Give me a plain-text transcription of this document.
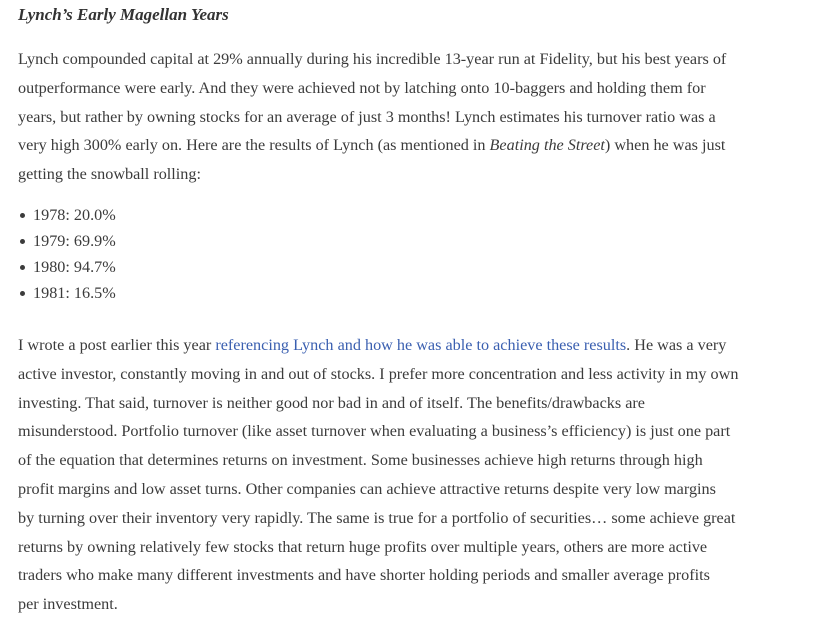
Lynch’s Early Magellan Years

Lynch compounded capital at 29% annually during his incredible 13-year run at Fidelity, but his best years of
outperformance were early. And they were achieved not by latching onto 10-baggers and holding them for
years, but rather by owning stocks for an average of just 3 months! Lynch estimates his turnover ratio was a
very high 300% early on. Here are the results of Lynch (as mentioned in Beating the Street) when he was just
getting the snowball rolling:

1978: 20.0%
1979: 69.9%
1980: 94.7%
1981: 16.5%

I wrote a post earlier this year referencing Lynch and how he was able to achieve these results. He was a very
active investor, constantly moving in and out of stocks. I prefer more concentration and less activity in my own
investing. That said, turnover is neither good nor bad in and of itself. The benefits/drawbacks are
misunderstood. Portfolio turnover (like asset turnover when evaluating a business’s efficiency) is just one part
of the equation that determines returns on investment. Some businesses achieve high returns through high
profit margins and low asset turns. Other companies can achieve attractive returns despite very low margins
by turning over their inventory very rapidly. The same is true for a portfolio of securities… some achieve great
returns by owning relatively few stocks that return huge profits over multiple years, others are more active
traders who make many different investments and have shorter holding periods and smaller average profits
per investment.
